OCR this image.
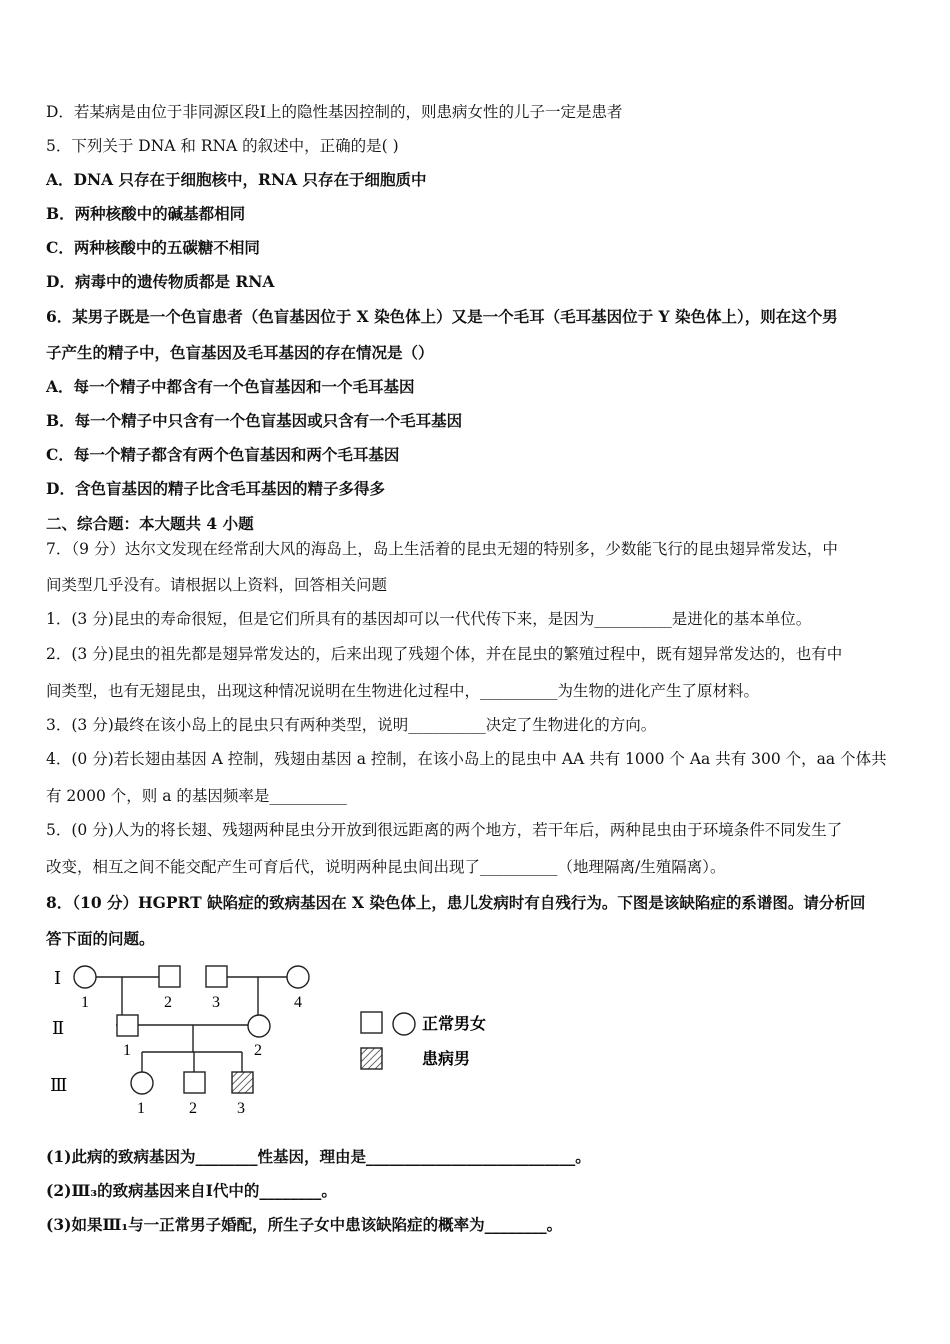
D．若某病是由位于非同源区段Ⅰ上的隐性基因控制的，则患病女性的儿子一定是患者
5．下列关于 DNA 和 RNA 的叙述中，正确的是( )
A．DNA 只存在于细胞核中，RNA 只存在于细胞质中
B．两种核酸中的碱基都相同
C．两种核酸中的五碳糖不相同
D．病毒中的遗传物质都是 RNA
6．某男子既是一个色盲患者（色盲基因位于 X 染色体上）又是一个毛耳（毛耳基因位于 Y 染色体上），则在这个男
子产生的精子中，色盲基因及毛耳基因的存在情况是（）
A．每一个精子中都含有一个色盲基因和一个毛耳基因
B．每一个精子中只含有一个色盲基因或只含有一个毛耳基因
C．每一个精子都含有两个色盲基因和两个毛耳基因
D．含色盲基因的精子比含毛耳基因的精子多得多
二、综合题：本大题共 4 小题
7．（9 分）达尔文发现在经常刮大风的海岛上，岛上生活着的昆虫无翅的特别多，少数能飞行的昆虫翅异常发达，中
间类型几乎没有。请根据以上资料，回答相关问题
1．(3 分)昆虫的寿命很短，但是它们所具有的基因却可以一代代传下来，是因为__________是进化的基本单位。
2．(3 分)昆虫的祖先都是翅异常发达的，后来出现了残翅个体，并在昆虫的繁殖过程中，既有翅异常发达的，也有中
间类型，也有无翅昆虫，出现这种情况说明在生物进化过程中，__________为生物的进化产生了原材料。
3．(3 分)最终在该小岛上的昆虫只有两种类型，说明__________决定了生物进化的方向。
4．(0 分)若长翅由基因 A 控制，残翅由基因 a 控制，在该小岛上的昆虫中 AA 共有 1000 个 Aa 共有 300 个，aa 个体共
有 2000 个，则 a 的基因频率是__________
5．(0 分)人为的将长翅、残翅两种昆虫分开放到很远距离的两个地方，若干年后，两种昆虫由于环境条件不同发生了
改变，相互之间不能交配产生可育后代，说明两种昆虫间出现了__________（地理隔离/生殖隔离）。
8．（10 分）HGPRT 缺陷症的致病基因在 X 染色体上，患儿发病时有自残行为。下图是该缺陷症的系谱图。请分析回
答下面的问题。
Ⅰ
Ⅱ
Ⅲ
1	2	3	4
1	2
1	2	3
正常男女
患病男
(1)此病的致病基因为________性基因，理由是___________________________。
(2)Ⅲ₃的致病基因来自Ⅰ代中的________。
(3)如果Ⅲ₁与一正常男子婚配，所生子女中患该缺陷症的概率为________。
